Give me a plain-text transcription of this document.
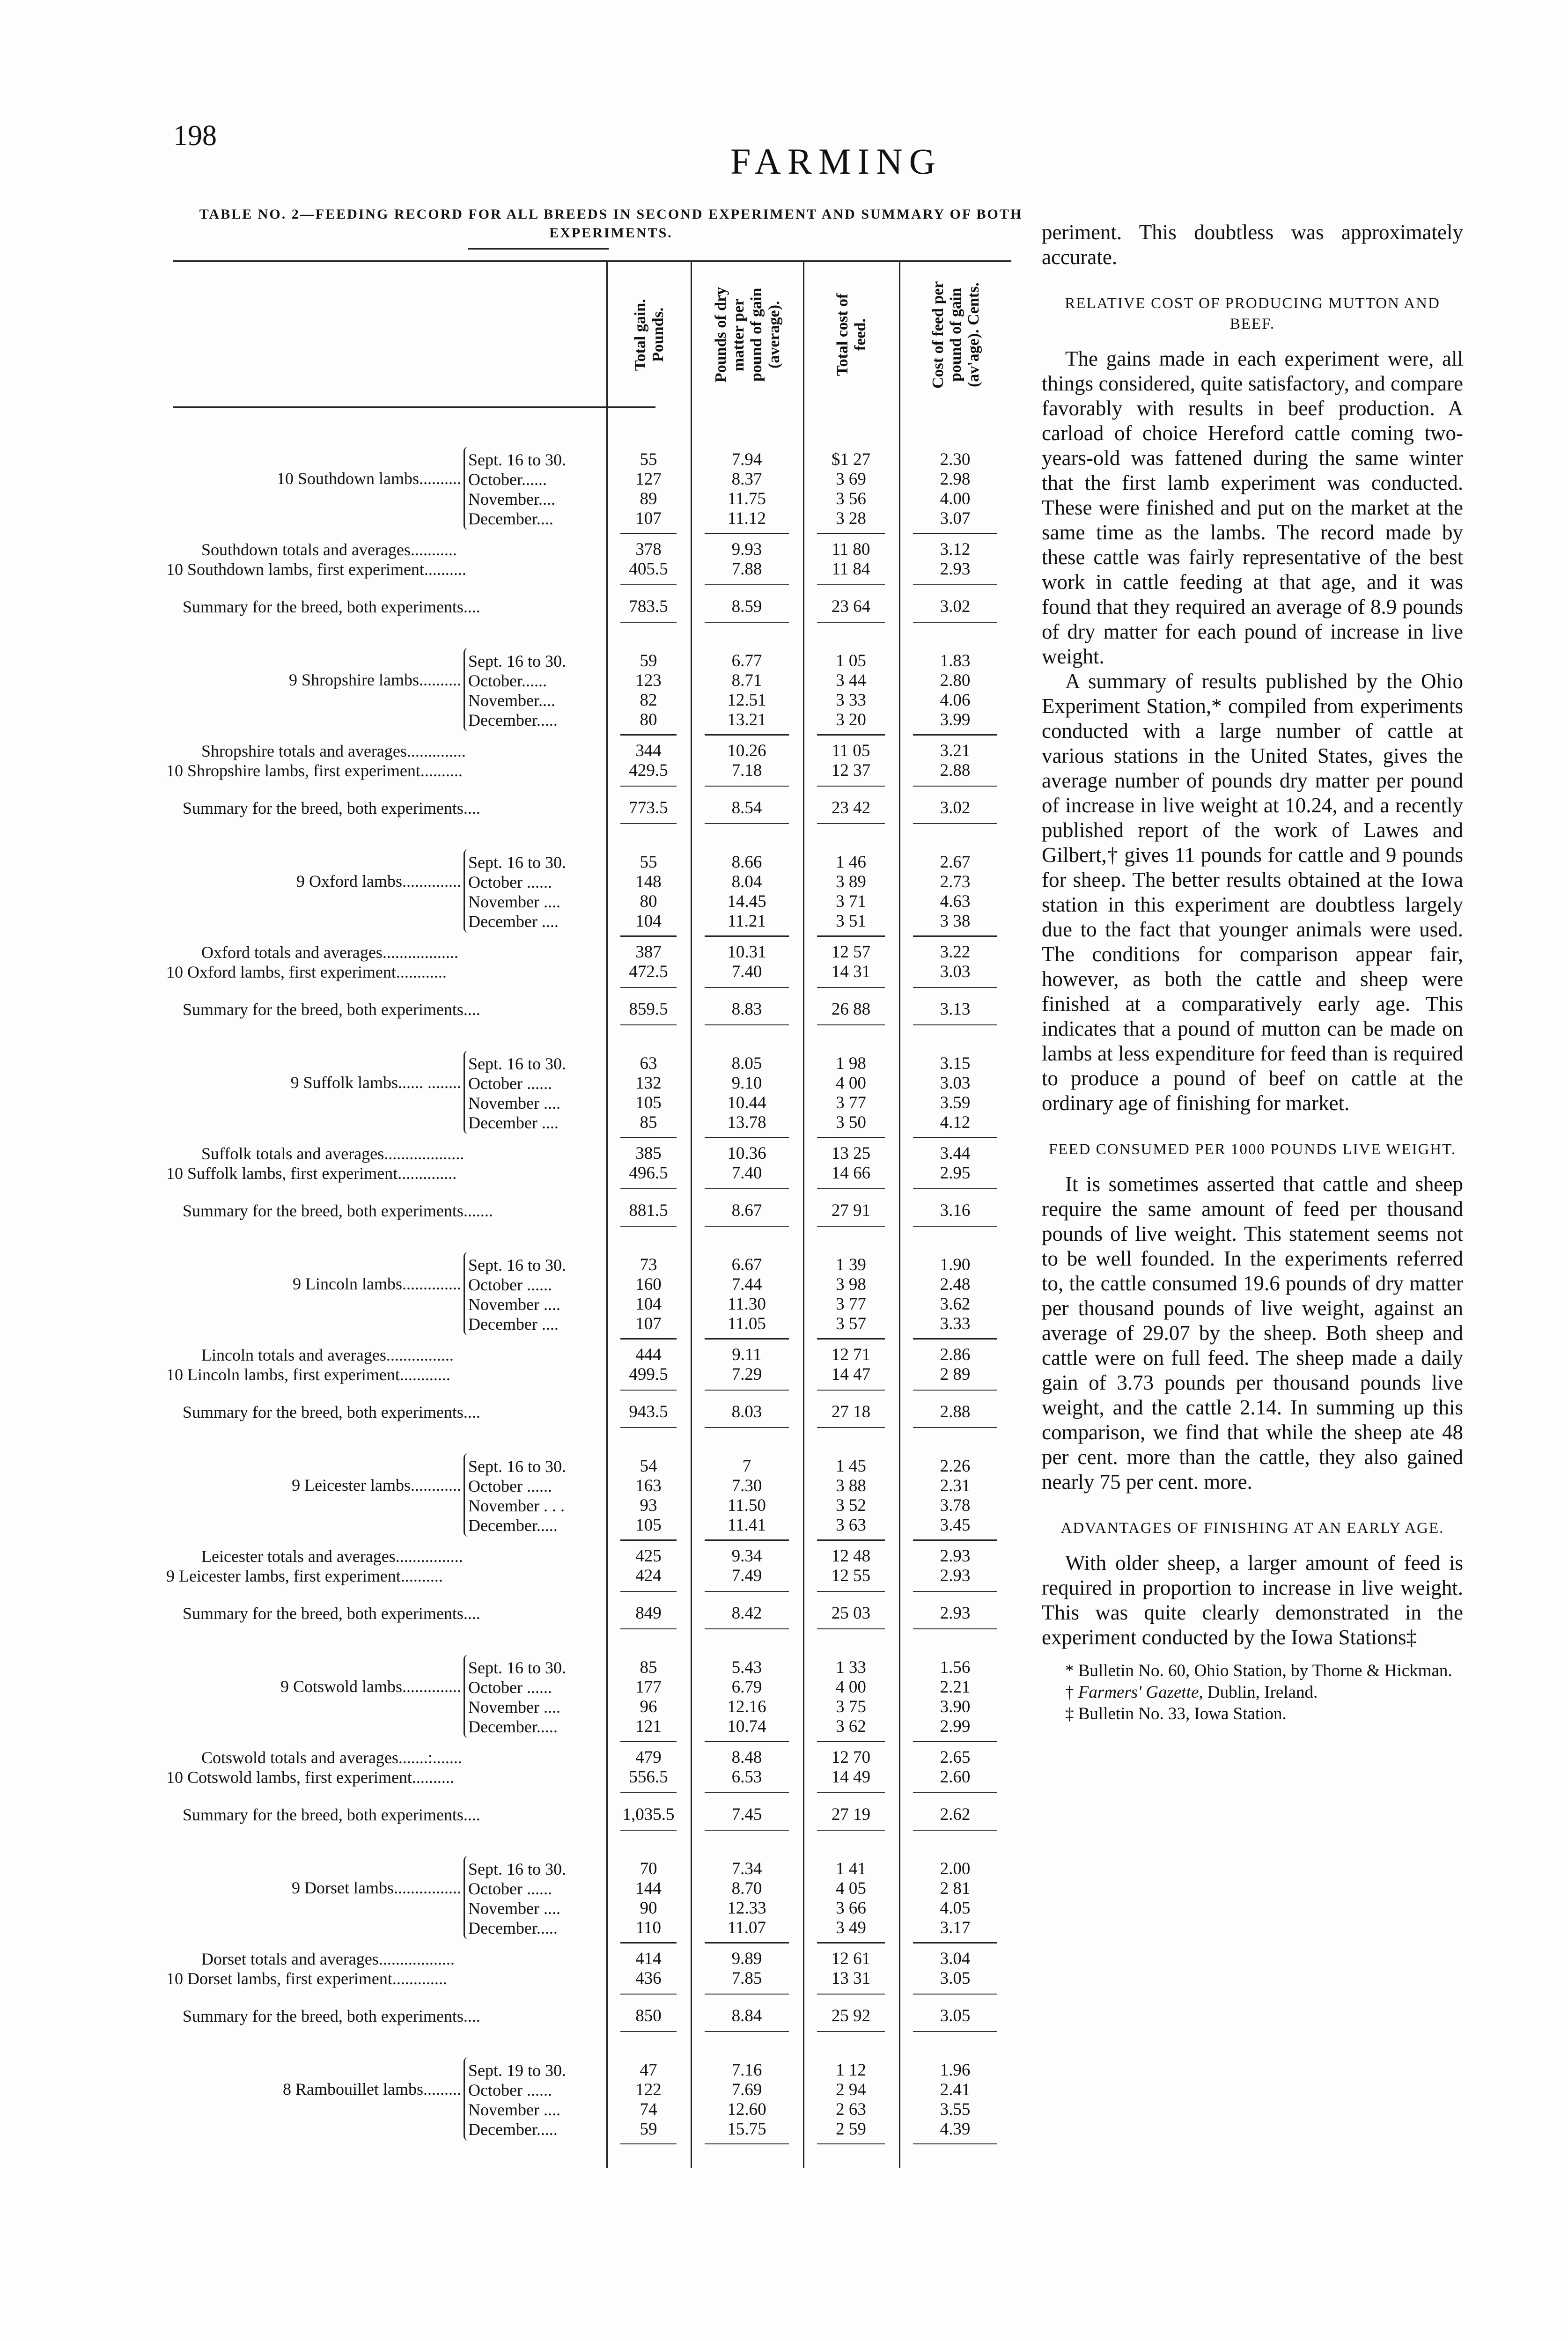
198
FARMING
TABLE NO. 2—FEEDING RECORD FOR ALL BREEDS IN SECOND EXPERIMENT AND SUMMARY OF BOTH EXPERIMENTS.
Total gain. Pounds.	Pounds of dry matter per pound of gain (average).	Total cost of feed.	Cost of feed per pound of gain (av'age). Cents.
10 Southdown lambs..........
Sept. 16 to 30.	55	7.94	$1 27	2.30
October......	127	8.37	3 69	2.98
November....	89	11.75	3 56	4.00
December....	107	11.12	3 28	3.07
Southdown totals and averages...........	378	9.93	11 80	3.12
10 Southdown lambs, first experiment..........	405.5	7.88	11 84	2.93
Summary for the breed, both experiments....	783.5	8.59	23 64	3.02
9 Shropshire lambs..........
Sept. 16 to 30.	59	6.77	1 05	1.83
October......	123	8.71	3 44	2.80
November....	82	12.51	3 33	4.06
December.....	80	13.21	3 20	3.99
Shropshire totals and averages..............	344	10.26	11 05	3.21
10 Shropshire lambs, first experiment..........	429.5	7.18	12 37	2.88
Summary for the breed, both experiments....	773.5	8.54	23 42	3.02
9 Oxford lambs..............
Sept. 16 to 30.	55	8.66	1 46	2.67
October ......	148	8.04	3 89	2.73
November ....	80	14.45	3 71	4.63
December ....	104	11.21	3 51	3 38
Oxford totals and averages..................	387	10.31	12 57	3.22
10 Oxford lambs, first experiment............	472.5	7.40	14 31	3.03
Summary for the breed, both experiments....	859.5	8.83	26 88	3.13
9 Suffolk lambs...... ........
Sept. 16 to 30.	63	8.05	1 98	3.15
October ......	132	9.10	4 00	3.03
November ....	105	10.44	3 77	3.59
December ....	85	13.78	3 50	4.12
Suffolk totals and averages...................	385	10.36	13 25	3.44
10 Suffolk lambs, first experiment..............	496.5	7.40	14 66	2.95
Summary for the breed, both experiments.......	881.5	8.67	27 91	3.16
9 Lincoln lambs..............
Sept. 16 to 30.	73	6.67	1 39	1.90
October ......	160	7.44	3 98	2.48
November ....	104	11.30	3 77	3.62
December ....	107	11.05	3 57	3.33
Lincoln totals and averages................	444	9.11	12 71	2.86
10 Lincoln lambs, first experiment............	499.5	7.29	14 47	2 89
Summary for the breed, both experiments....	943.5	8.03	27 18	2.88
9 Leicester lambs............
Sept. 16 to 30.	54	7	1 45	2.26
October ......	163	7.30	3 88	2.31
November . . .	93	11.50	3 52	3.78
December.....	105	11.41	3 63	3.45
Leicester totals and averages................	425	9.34	12 48	2.93
9 Leicester lambs, first experiment..........	424	7.49	12 55	2.93
Summary for the breed, both experiments....	849	8.42	25 03	2.93
9 Cotswold lambs..............
Sept. 16 to 30.	85	5.43	1 33	1.56
October ......	177	6.79	4 00	2.21
November ....	96	12.16	3 75	3.90
December.....	121	10.74	3 62	2.99
Cotswold totals and averages.......:.......	479	8.48	12 70	2.65
10 Cotswold lambs, first experiment..........	556.5	6.53	14 49	2.60
Summary for the breed, both experiments....	1,035.5	7.45	27 19	2.62
9 Dorset lambs................
Sept. 16 to 30.	70	7.34	1 41	2.00
October ......	144	8.70	4 05	2 81
November ....	90	12.33	3 66	4.05
December.....	110	11.07	3 49	3.17
Dorset totals and averages..................	414	9.89	12 61	3.04
10 Dorset lambs, first experiment.............	436	7.85	13 31	3.05
Summary for the breed, both experiments....	850	8.84	25 92	3.05
8 Rambouillet lambs.........
Sept. 19 to 30.	47	7.16	1 12	1.96
October ......	122	7.69	2 94	2.41
November ....	74	12.60	2 63	3.55
December.....	59	15.75	2 59	4.39

periment. This doubtless was approximately accurate.

RELATIVE COST OF PRODUCING MUTTON AND BEEF.

The gains made in each experiment were, all things considered, quite satisfactory, and compare favorably with results in beef production. A carload of choice Hereford cattle coming two-years-old was fattened during the same winter that the first lamb experiment was conducted. These were finished and put on the market at the same time as the lambs. The record made by these cattle was fairly representative of the best work in cattle feeding at that age, and it was found that they required an average of 8.9 pounds of dry matter for each pound of increase in live weight.

A summary of results published by the Ohio Experiment Station,* compiled from experiments conducted with a large number of cattle at various stations in the United States, gives the average number of pounds dry matter per pound of increase in live weight at 10.24, and a recently published report of the work of Lawes and Gilbert,† gives 11 pounds for cattle and 9 pounds for sheep. The better results obtained at the Iowa station in this experiment are doubtless largely due to the fact that younger animals were used. The conditions for comparison appear fair, however, as both the cattle and sheep were finished at a comparatively early age. This indicates that a pound of mutton can be made on lambs at less expenditure for feed than is required to produce a pound of beef on cattle at the ordinary age of finishing for market.

FEED CONSUMED PER 1000 POUNDS LIVE WEIGHT.

It is sometimes asserted that cattle and sheep require the same amount of feed per thousand pounds of live weight. This statement seems not to be well founded. In the experiments referred to, the cattle consumed 19.6 pounds of dry matter per thousand pounds of live weight, against an average of 29.07 by the sheep. Both sheep and cattle were on full feed. The sheep made a daily gain of 3.73 pounds per thousand pounds live weight, and the cattle 2.14. In summing up this comparison, we find that while the sheep ate 48 per cent. more than the cattle, they also gained nearly 75 per cent. more.

ADVANTAGES OF FINISHING AT AN EARLY AGE.

With older sheep, a larger amount of feed is required in proportion to increase in live weight. This was quite clearly demonstrated in the experiment conducted by the Iowa Stations‡

* Bulletin No. 60, Ohio Station, by Thorne & Hickman.

† Farmers' Gazette, Dublin, Ireland.

‡ Bulletin No. 33, Iowa Station.
